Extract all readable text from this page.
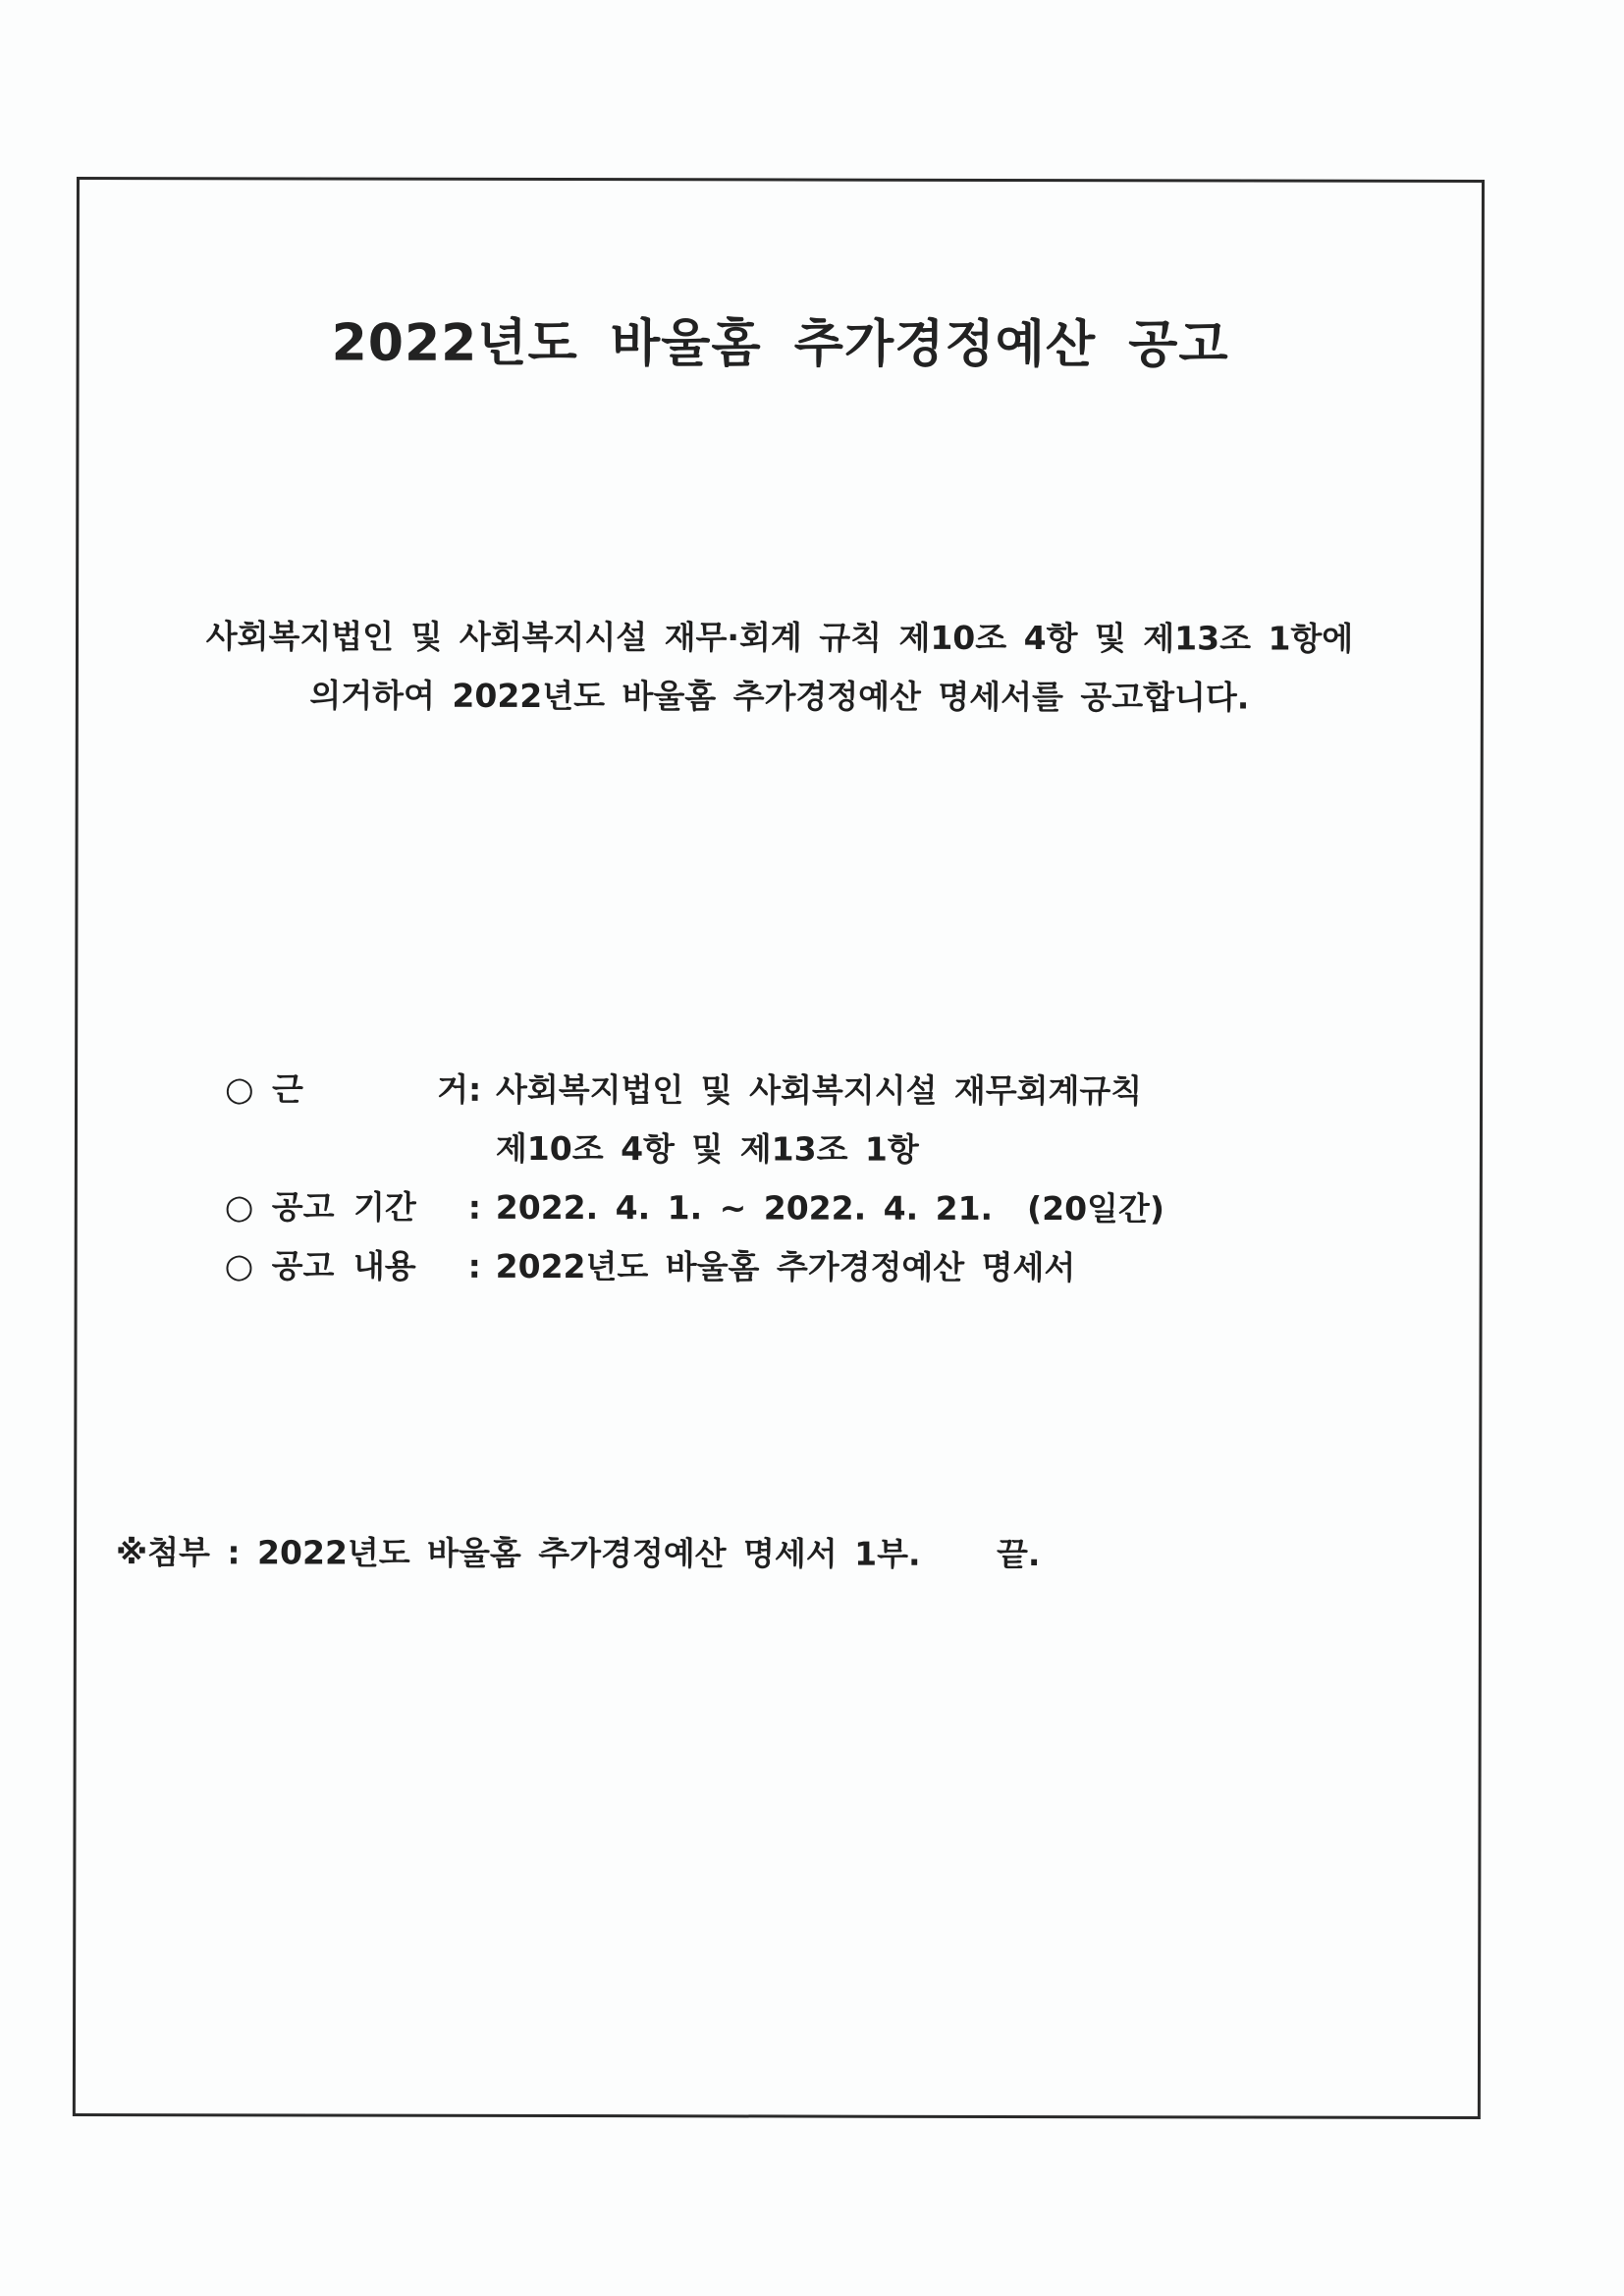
2022년도 바울홈 추가경정예산 공고
사회복지법인 및 사회복지시설 재무·회계 규칙 제10조 4항 및 제13조 1항에
의거하여 2022년도 바울홈 추가경정예산 명세서를 공고합니다.
○ 근	거 : 사회복지법인 및 사회복지시설 재무회계규칙
제10조 4항 및 제13조 1항
○ 공고 기간	: 2022. 4. 1. ~ 2022. 4. 21.  (20일간)
○ 공고 내용	: 2022년도 바울홈 추가경정예산 명세서
※첨부 : 2022년도 바울홈 추가경정예산 명세서 1부. 끝.
